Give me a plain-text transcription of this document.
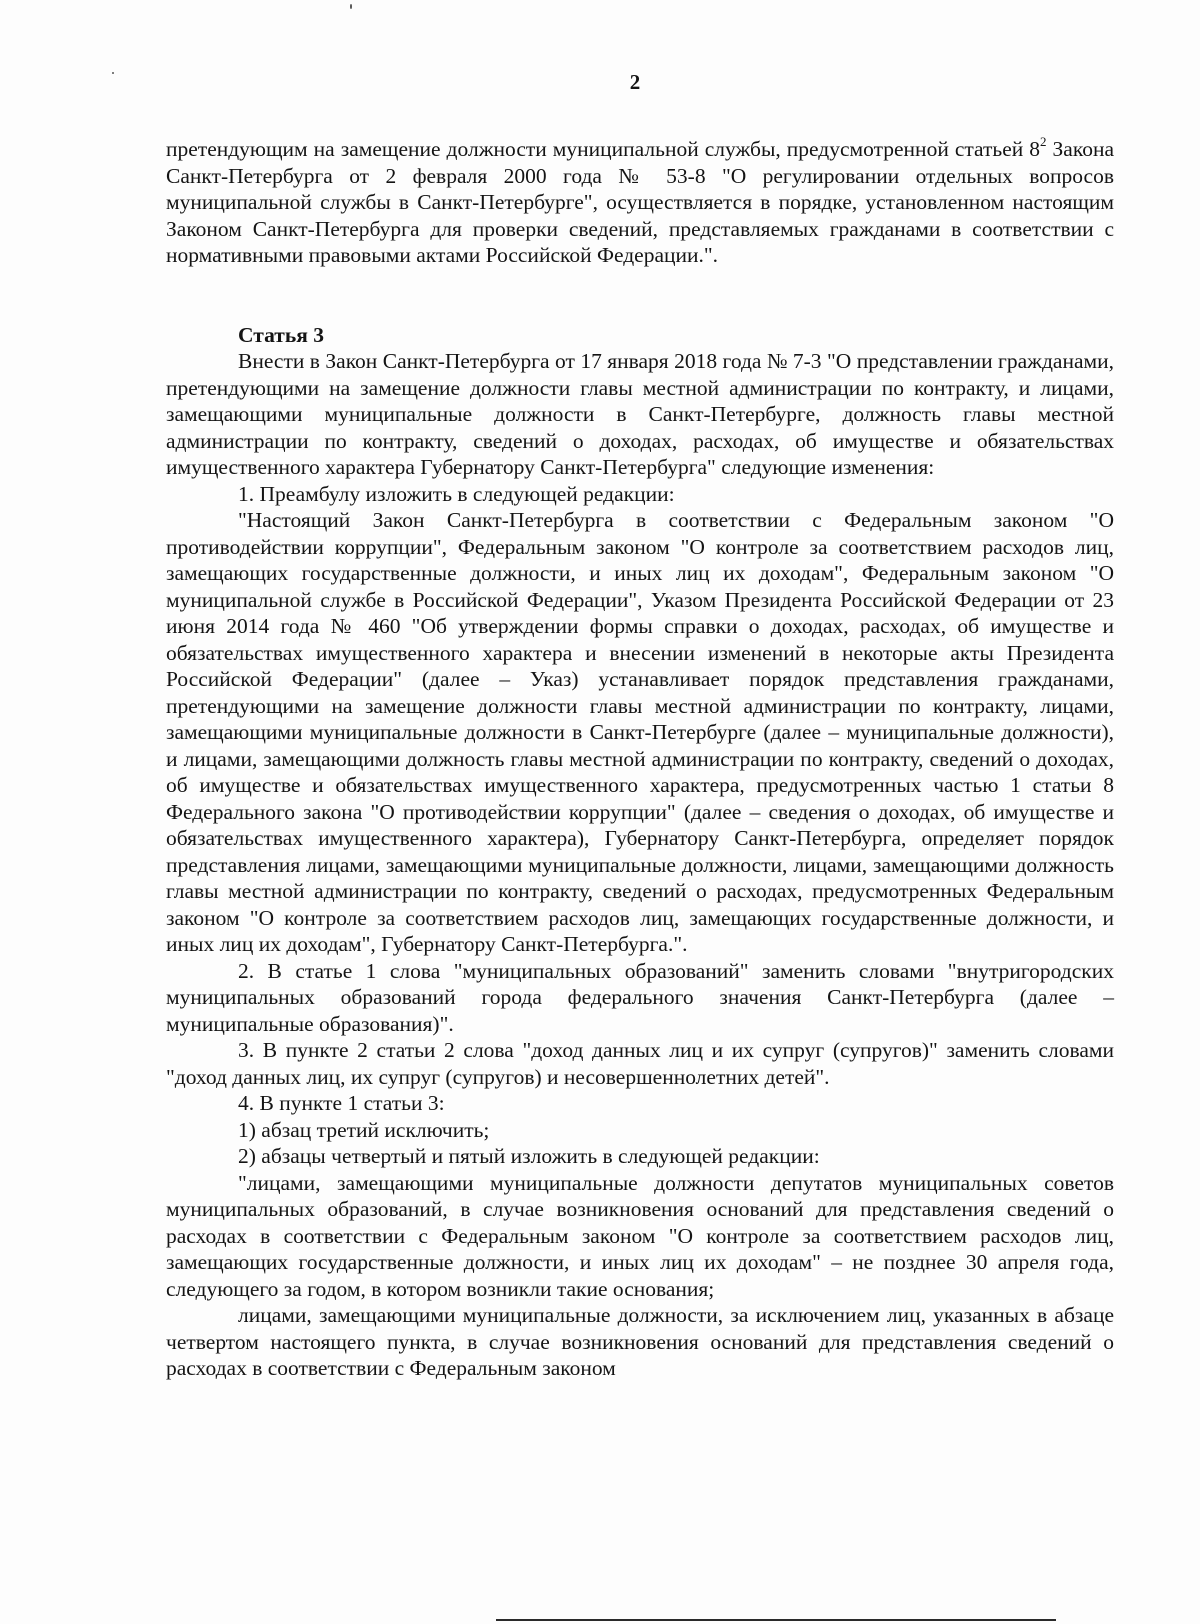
2

претендующим на замещение должности муниципальной службы, предусмотренной статьей $8^2$ Закона Санкт-Петербурга от 2 февраля 2000 года № 53-8 "О регулировании отдельных вопросов муниципальной службы в Санкт-Петербурге", осуществляется в порядке, установленном настоящим Законом Санкт-Петербурга для проверки сведений, представляемых гражданами в соответствии с нормативными правовыми актами Российской Федерации.".

Статья 3

Внести в Закон Санкт-Петербурга от 17 января 2018 года № 7-3 "О представлении гражданами, претендующими на замещение должности главы местной администрации по контракту, и лицами, замещающими муниципальные должности в Санкт-Петербурге, должность главы местной администрации по контракту, сведений о доходах, расходах, об имуществе и обязательствах имущественного характера Губернатору Санкт-Петербурга" следующие изменения:

1. Преамбулу изложить в следующей редакции:

"Настоящий Закон Санкт-Петербурга в соответствии с Федеральным законом "О противодействии коррупции", Федеральным законом "О контроле за соответствием расходов лиц, замещающих государственные должности, и иных лиц их доходам", Федеральным законом "О муниципальной службе в Российской Федерации", Указом Президента Российской Федерации от 23 июня 2014 года № 460 "Об утверждении формы справки о доходах, расходах, об имуществе и обязательствах имущественного характера и внесении изменений в некоторые акты Президента Российской Федерации" (далее – Указ) устанавливает порядок представления гражданами, претендующими на замещение должности главы местной администрации по контракту, лицами, замещающими муниципальные должности в Санкт-Петербурге (далее – муниципальные должности), и лицами, замещающими должность главы местной администрации по контракту, сведений о доходах, об имуществе и обязательствах имущественного характера, предусмотренных частью 1 статьи 8 Федерального закона "О противодействии коррупции" (далее – сведения о доходах, об имуществе и обязательствах имущественного характера), Губернатору Санкт-Петербурга, определяет порядок представления лицами, замещающими муниципальные должности, лицами, замещающими должность главы местной администрации по контракту, сведений о расходах, предусмотренных Федеральным законом "О контроле за соответствием расходов лиц, замещающих государственные должности, и иных лиц их доходам", Губернатору Санкт-Петербурга.".

2. В статье 1 слова "муниципальных образований" заменить словами "внутригородских муниципальных образований города федерального значения Санкт-Петербурга (далее – муниципальные образования)".

3. В пункте 2 статьи 2 слова "доход данных лиц и их супруг (супругов)" заменить словами "доход данных лиц, их супруг (супругов) и несовершеннолетних детей".

4. В пункте 1 статьи 3:

1) абзац третий исключить;

2) абзацы четвертый и пятый изложить в следующей редакции:

"лицами, замещающими муниципальные должности депутатов муниципальных советов муниципальных образований, в случае возникновения оснований для представления сведений о расходах в соответствии с Федеральным законом "О контроле за соответствием расходов лиц, замещающих государственные должности, и иных лиц их доходам" – не позднее 30 апреля года, следующего за годом, в котором возникли такие основания;

лицами, замещающими муниципальные должности, за исключением лиц, указанных в абзаце четвертом настоящего пункта, в случае возникновения оснований для представления сведений о расходах в соответствии с Федеральным законом
